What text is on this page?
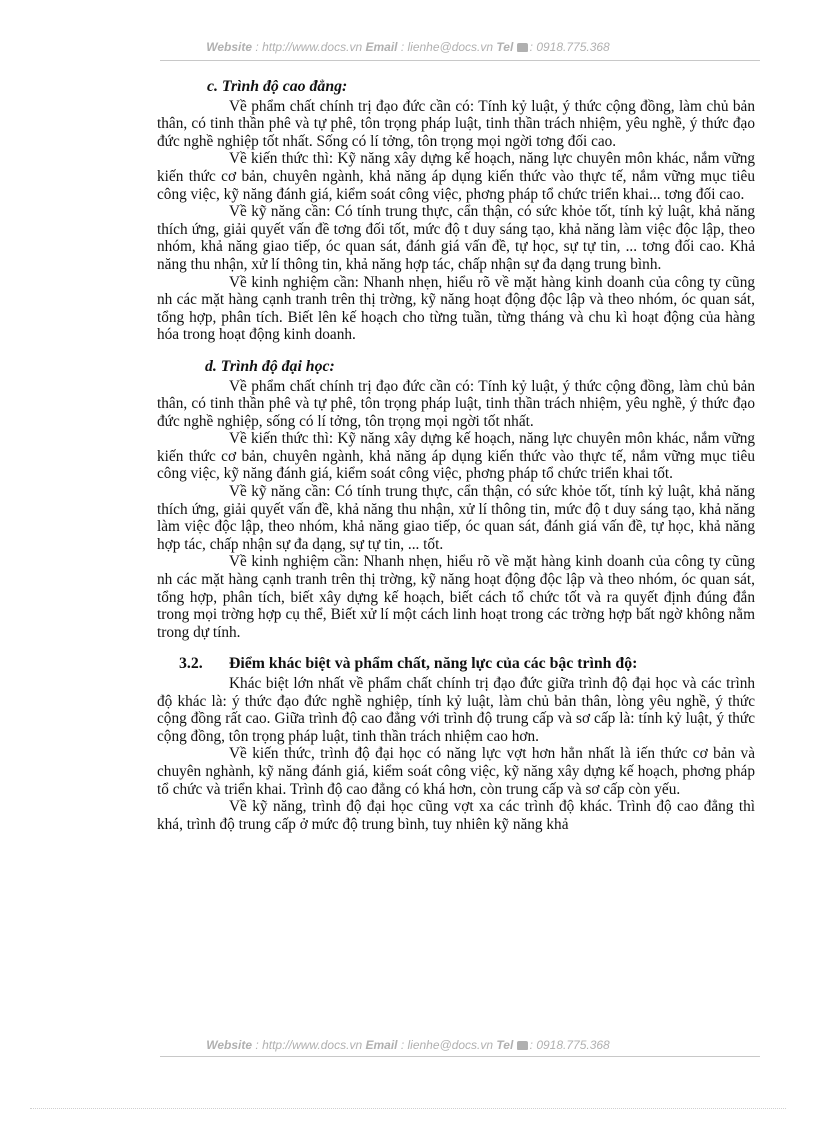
Website : http://www.docs.vn Email : lienhe@docs.vn Tel : 0918.775.368
c. Trình độ cao đẳng:

Về phẩm chất chính trị đạo đức cần có: Tính kỷ luật, ý thức cộng đồng, làm chủ bản thân, có tinh thần phê và tự phê, tôn trọng pháp luật, tinh thần trách nhiệm, yêu nghề, ý thức đạo đức nghề nghiệp tốt nhất. Sống có lí tởng, tôn trọng mọi ngời tơng đối cao.

Về kiến thức thì: Kỹ năng xây dựng kế hoạch, năng lực chuyên môn khác, nắm vững kiến thức cơ bản, chuyên ngành, khả năng áp dụng kiến thức vào thực tế, nắm vững mục tiêu công việc, kỹ năng đánh giá, kiểm soát công việc, phơng pháp tổ chức triển khai... tơng đối cao.

Về kỹ năng cần: Có tính trung thực, cẩn thận, có sức khỏe tốt, tính kỷ luật, khả năng thích ứng, giải quyết vấn đề tơng đối tốt, mức độ t duy sáng tạo, khả năng làm việc độc lập, theo nhóm, khả năng giao tiếp, óc quan sát, đánh giá vấn đề, tự học, sự tự tin, ... tơng đối cao. Khả năng thu nhận, xử lí thông tin, khả năng hợp tác, chấp nhận sự đa dạng trung bình.

Về kinh nghiệm cần: Nhanh nhẹn, hiểu rõ về mặt hàng kinh doanh của công ty cũng nh các mặt hàng cạnh tranh trên thị trờng, kỹ năng hoạt động độc lập và theo nhóm, óc quan sát, tổng hợp, phân tích. Biết lên kế hoạch cho từng tuần, từng tháng và chu kì hoạt động của hàng hóa trong hoạt động kinh doanh.

d. Trình độ đại học:

Về phẩm chất chính trị đạo đức cần có: Tính kỷ luật, ý thức cộng đồng, làm chủ bản thân, có tinh thần phê và tự phê, tôn trọng pháp luật, tinh thần trách nhiệm, yêu nghề, ý thức đạo đức nghề nghiệp, sống có lí tởng, tôn trọng mọi ngời tốt nhất.

Về kiến thức thì: Kỹ năng xây dựng kế hoạch, năng lực chuyên môn khác, nắm vững kiến thức cơ bản, chuyên ngành, khả năng áp dụng kiến thức vào thực tế, nắm vững mục tiêu công việc, kỹ năng đánh giá, kiểm soát công việc, phơng pháp tổ chức triển khai tốt.

Về kỹ năng cần: Có tính trung thực, cẩn thận, có sức khỏe tốt, tính kỷ luật, khả năng thích ứng, giải quyết vấn đề, khả năng thu nhận, xử lí thông tin, mức độ t duy sáng tạo, khả năng làm việc độc lập, theo nhóm, khả năng giao tiếp, óc quan sát, đánh giá vấn đề, tự học, khả năng hợp tác, chấp nhận sự đa dạng, sự tự tin, ... tốt.

Về kinh nghiệm cần: Nhanh nhẹn, hiểu rõ về mặt hàng kinh doanh của công ty cũng nh các mặt hàng cạnh tranh trên thị trờng, kỹ năng hoạt động độc lập và theo nhóm, óc quan sát, tổng hợp, phân tích, biết xây dựng kế hoạch, biết cách tổ chức tốt và ra quyết định đúng đắn trong mọi trờng hợp cụ thể, Biết xử lí một cách linh hoạt trong các trờng hợp bất ngờ không nằm trong dự tính.

3.2. Điểm khác biệt và phẩm chất, năng lực của các bậc trình độ:

Khác biệt lớn nhất về phẩm chất chính trị đạo đức giữa trình độ đại học và các trình độ khác là: ý thức đạo đức nghề nghiệp, tính kỷ luật, làm chủ bản thân, lòng yêu nghề, ý thức cộng đồng rất cao. Giữa trình độ cao đẳng với trình độ trung cấp và sơ cấp là: tính kỷ luật, ý thức cộng đồng, tôn trọng pháp luật, tinh thần trách nhiệm cao hơn.

Về kiến thức, trình độ đại học có năng lực vợt hơn hẳn nhất là iến thức cơ bản và chuyên nghành, kỹ năng đánh giá, kiểm soát công việc, kỹ năng xây dựng kế hoạch, phơng pháp tổ chức và triển khai. Trình độ cao đẳng có khá hơn, còn trung cấp và sơ cấp còn yếu.

Về kỹ năng, trình độ đại học cũng vợt xa các trình độ khác. Trình độ cao đẳng thì khá, trình độ trung cấp ở mức độ trung bình, tuy nhiên kỹ năng khả

Website : http://www.docs.vn Email : lienhe@docs.vn Tel : 0918.775.368
